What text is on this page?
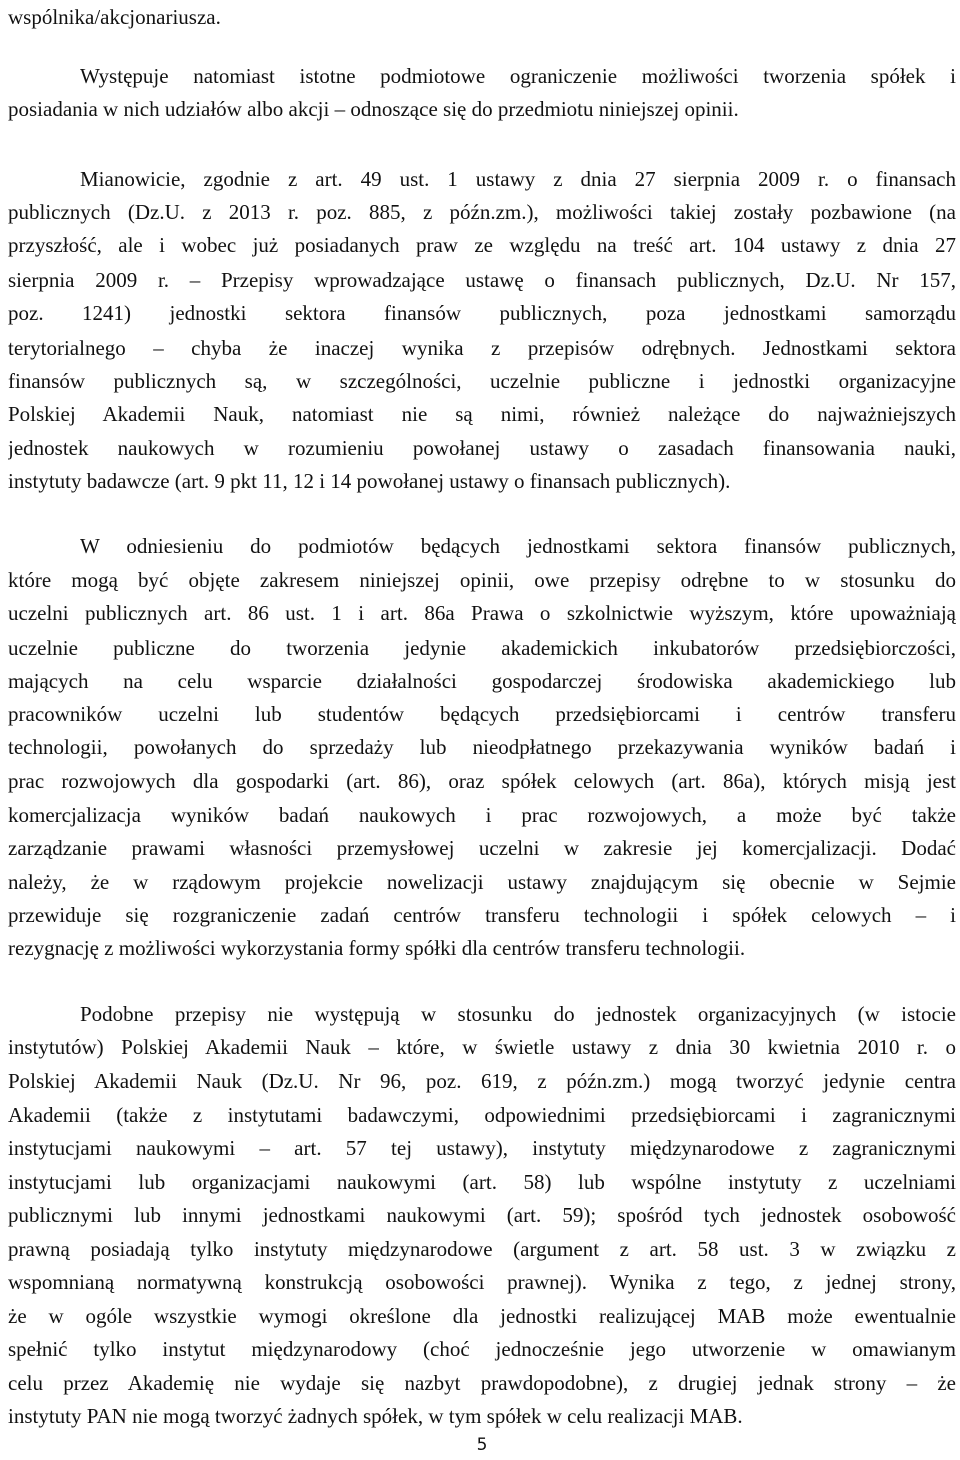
wspólnika/akcjonariusza.
Występuje natomiast istotne podmiotowe ograniczenie możliwości tworzenia spółek i
posiadania w nich udziałów albo akcji – odnoszące się do przedmiotu niniejszej opinii.
Mianowicie, zgodnie z art. 49 ust. 1 ustawy z dnia 27 sierpnia 2009 r. o finansach
publicznych (Dz.U. z 2013 r. poz. 885, z późn.zm.), możliwości takiej zostały pozbawione (na
przyszłość, ale i wobec już posiadanych praw ze względu na treść art. 104 ustawy z dnia 27
sierpnia 2009 r. – Przepisy wprowadzające ustawę o finansach publicznych, Dz.U. Nr 157,
poz. 1241) jednostki sektora finansów publicznych, poza jednostkami samorządu
terytorialnego – chyba że inaczej wynika z przepisów odrębnych. Jednostkami sektora
finansów publicznych są, w szczególności, uczelnie publiczne i jednostki organizacyjne
Polskiej Akademii Nauk, natomiast nie są nimi, również należące do najważniejszych
jednostek naukowych w rozumieniu powołanej ustawy o zasadach finansowania nauki,
instytuty badawcze (art. 9 pkt 11, 12 i 14 powołanej ustawy o finansach publicznych).
W odniesieniu do podmiotów będących jednostkami sektora finansów publicznych,
które mogą być objęte zakresem niniejszej opinii, owe przepisy odrębne to w stosunku do
uczelni publicznych art. 86 ust. 1 i art. 86a Prawa o szkolnictwie wyższym, które upoważniają
uczelnie publiczne do tworzenia jedynie akademickich inkubatorów przedsiębiorczości,
mających na celu wsparcie działalności gospodarczej środowiska akademickiego lub
pracowników uczelni lub studentów będących przedsiębiorcami i centrów transferu
technologii, powołanych do sprzedaży lub nieodpłatnego przekazywania wyników badań i
prac rozwojowych dla gospodarki (art. 86), oraz spółek celowych (art. 86a), których misją jest
komercjalizacja wyników badań naukowych i prac rozwojowych, a może być także
zarządzanie prawami własności przemysłowej uczelni w zakresie jej komercjalizacji. Dodać
należy, że w rządowym projekcie nowelizacji ustawy znajdującym się obecnie w Sejmie
przewiduje się rozgraniczenie zadań centrów transferu technologii i spółek celowych – i
rezygnację z możliwości wykorzystania formy spółki dla centrów transferu technologii.
Podobne przepisy nie występują w stosunku do jednostek organizacyjnych (w istocie
instytutów) Polskiej Akademii Nauk – które, w świetle ustawy z dnia 30 kwietnia 2010 r. o
Polskiej Akademii Nauk (Dz.U. Nr 96, poz. 619, z późn.zm.) mogą tworzyć jedynie centra
Akademii (także z instytutami badawczymi, odpowiednimi przedsiębiorcami i zagranicznymi
instytucjami naukowymi – art. 57 tej ustawy), instytuty międzynarodowe z zagranicznymi
instytucjami lub organizacjami naukowymi (art. 58) lub wspólne instytuty z uczelniami
publicznymi lub innymi jednostkami naukowymi (art. 59); spośród tych jednostek osobowość
prawną posiadają tylko instytuty międzynarodowe (argument z art. 58 ust. 3 w związku z
wspomnianą normatywną konstrukcją osobowości prawnej). Wynika z tego, z jednej strony,
że w ogóle wszystkie wymogi określone dla jednostki realizującej MAB może ewentualnie
spełnić tylko instytut międzynarodowy (choć jednocześnie jego utworzenie w omawianym
celu przez Akademię nie wydaje się nazbyt prawdopodobne), z drugiej jednak strony – że
instytuty PAN nie mogą tworzyć żadnych spółek, w tym spółek w celu realizacji MAB.
5
